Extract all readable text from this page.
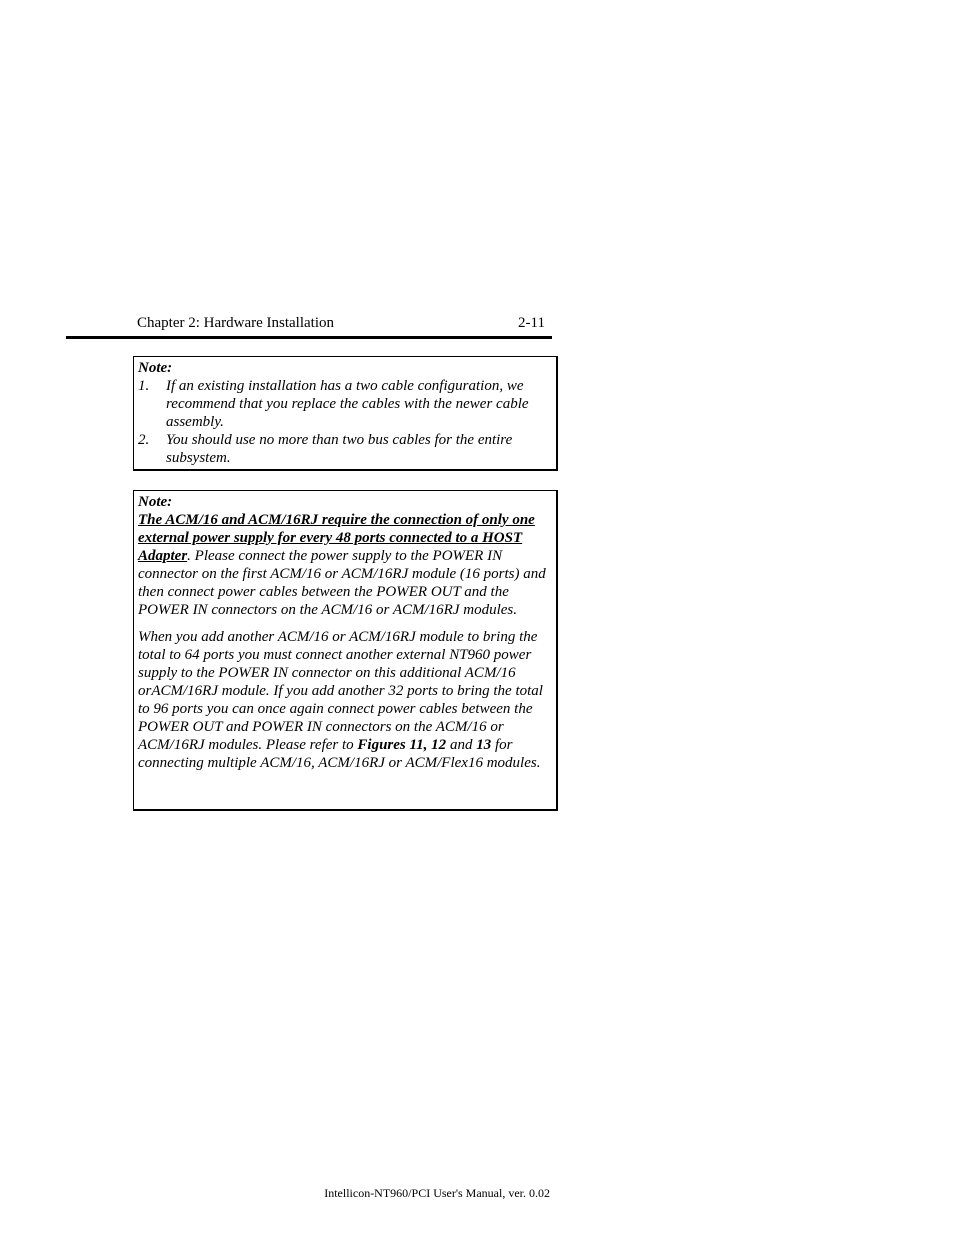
Chapter 2: Hardware Installation	2-11
Note:
1. If an existing installation has a two cable configuration, we recommend that you replace the cables with the newer cable assembly.
2. You should use no more than two bus cables for the entire subsystem.
Note:
The ACM/16 and ACM/16RJ require the connection of only one external power supply for every 48 ports connected to a HOST Adapter. Please connect the power supply to the POWER IN connector on the first ACM/16 or ACM/16RJ module (16 ports) and then connect power cables between the POWER OUT and the POWER IN connectors on the ACM/16 or ACM/16RJ modules.
When you add another ACM/16 or ACM/16RJ module to bring the total to 64 ports you must connect another external NT960 power supply to the POWER IN connector on this additional ACM/16 orACM/16RJ module. If you add another 32 ports to bring the total to 96 ports you can once again connect power cables between the POWER OUT and POWER IN connectors on the ACM/16 or ACM/16RJ modules. Please refer to Figures 11, 12 and 13 for connecting multiple ACM/16, ACM/16RJ or ACM/Flex16 modules.
Intellicon-NT960/PCI User's Manual, ver. 0.02
